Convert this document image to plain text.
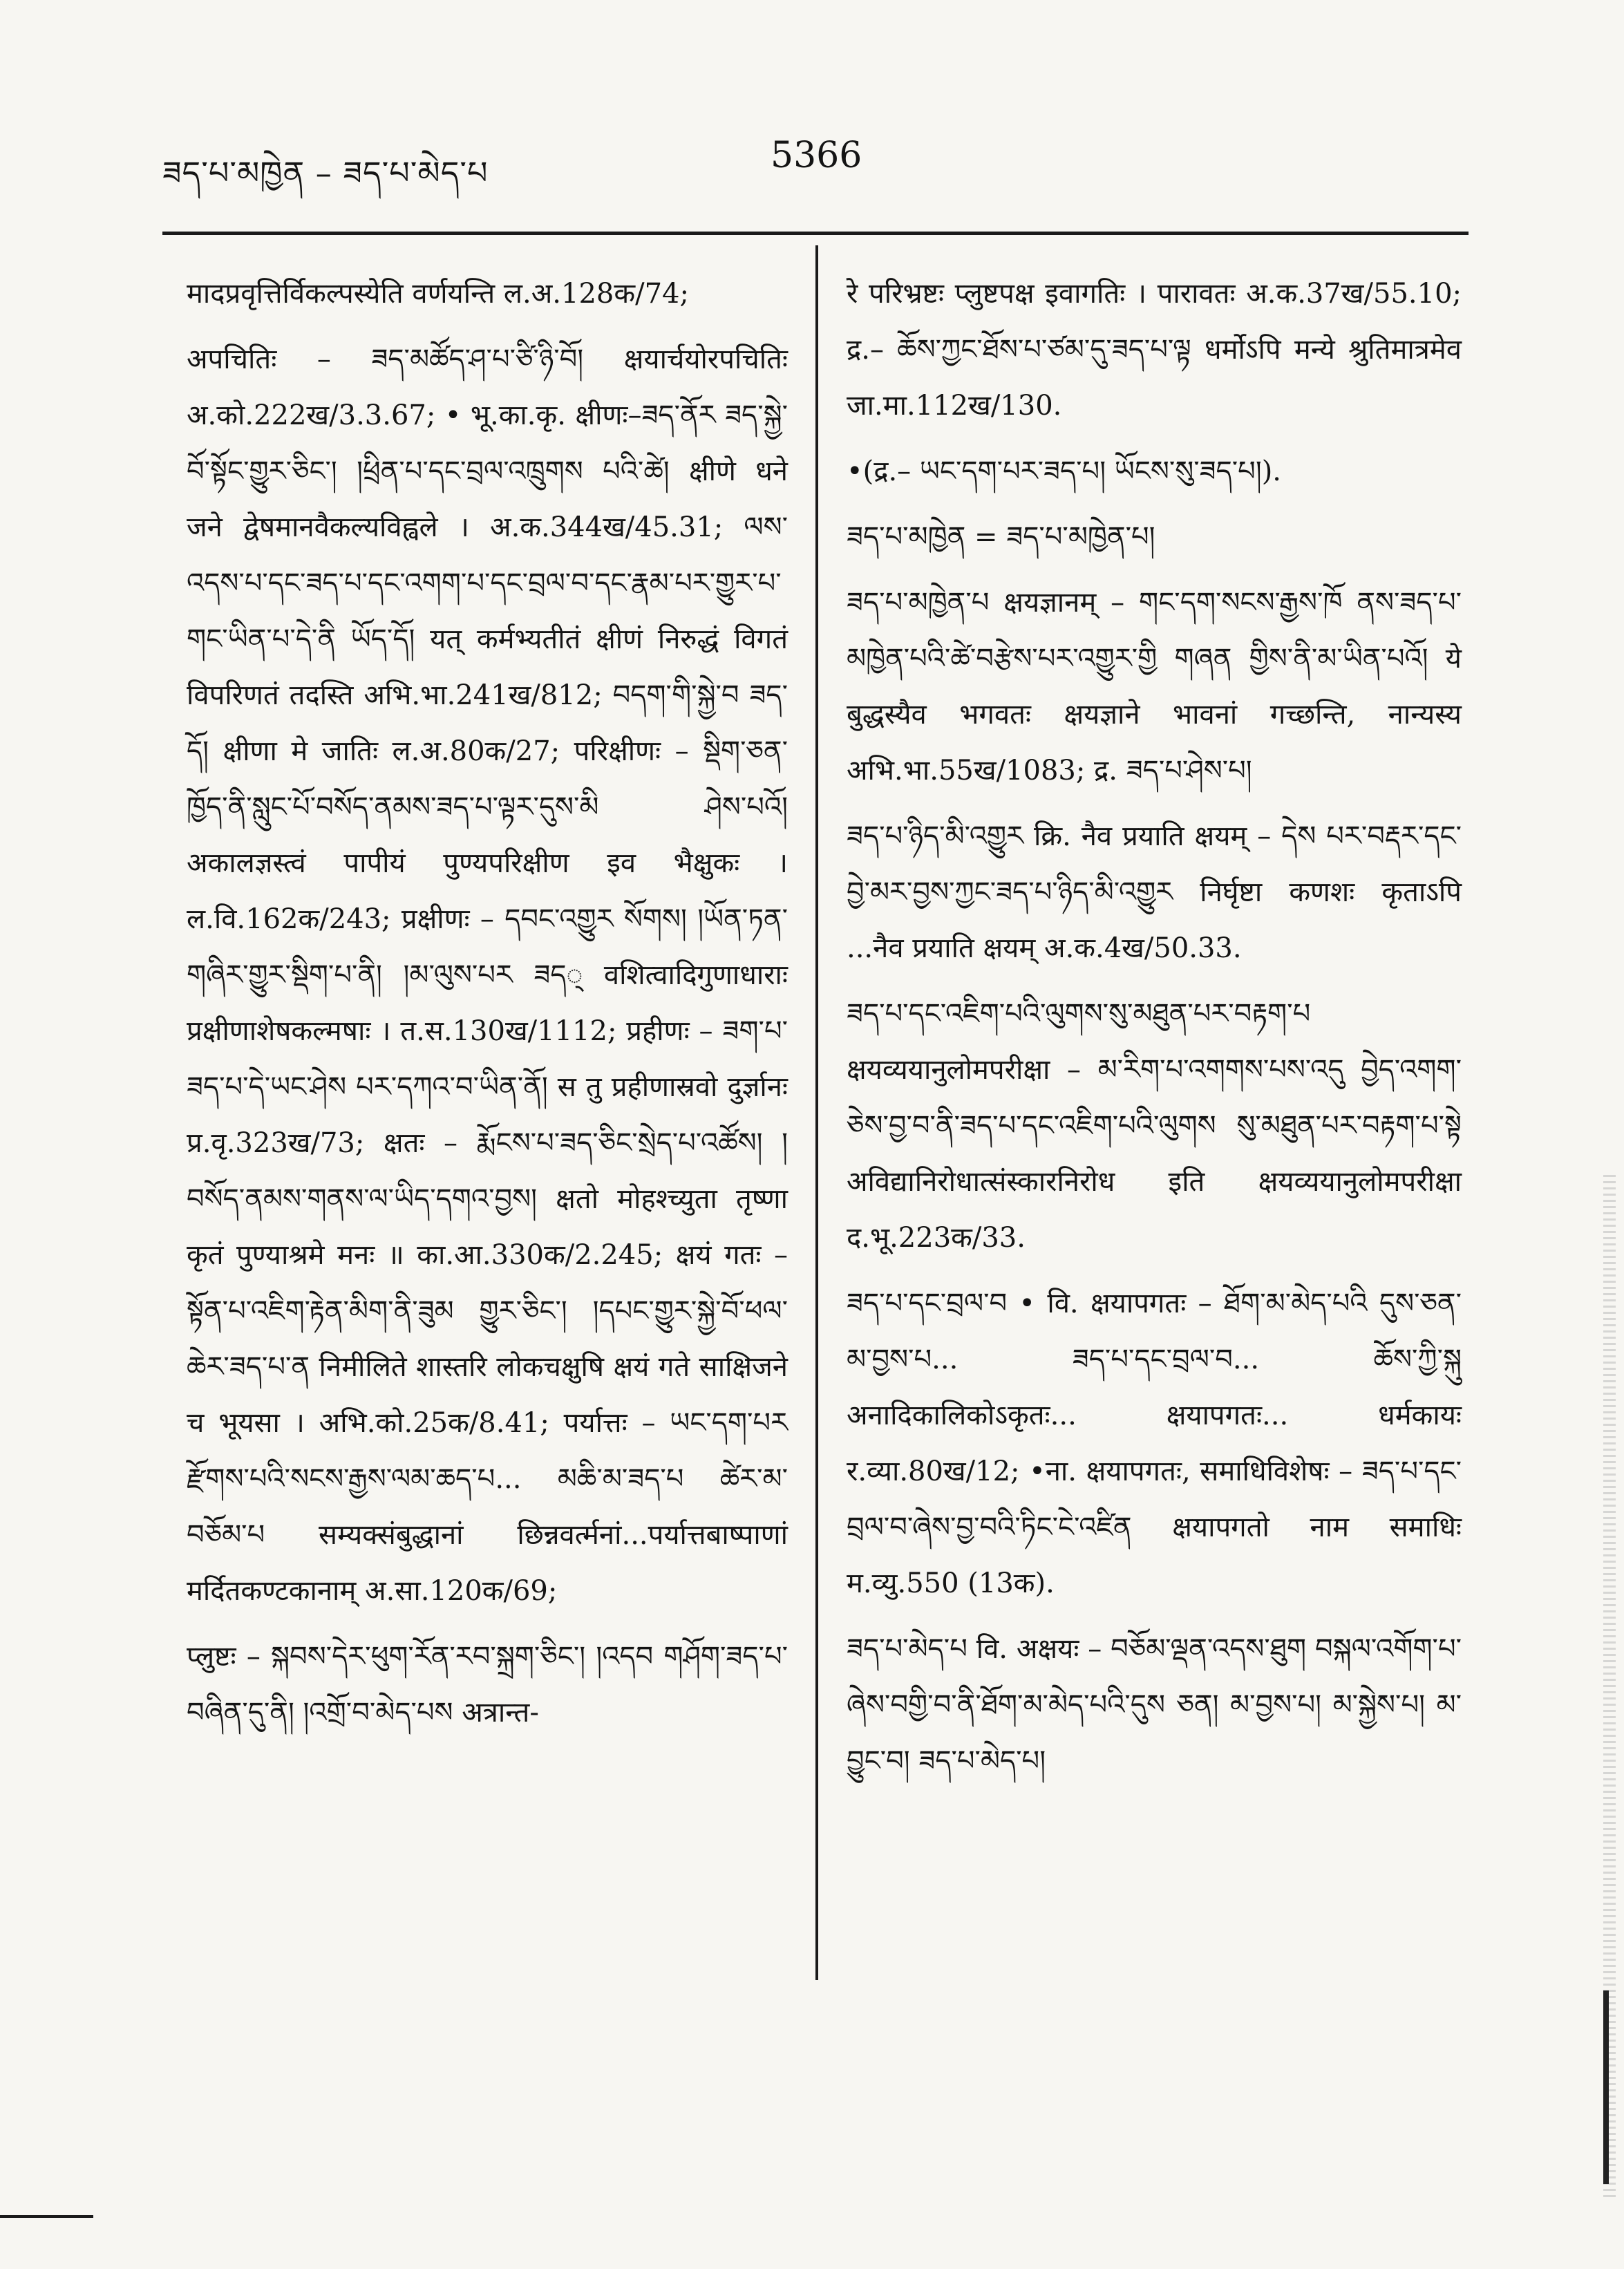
ཟད་པ་མཁྱེན – ཟད་པ་མེད་པ	5366

मादप्रवृत्तिर्विकल्पस्येति वर्णयन्ति ल.अ.128क/74;

अपचितिः – ཟད་མཚོད་ཤ་པ་ཙི་ཉི་བོ། क्षयार्चयोरपचितिः अ.को.222ख/3.3.67; • भू.का.कृ. क्षीणः–ཟད་ནོར ཟད་སྐྱེ་བོ་སྟོང་གྱུར་ཅིང་། །ཕྲིན་པ་དང་བྲལ་འཁྲུགས པའི་ཚེ། क्षीणे धने जने द्वेषमानवैकल्यविह्वले । अ.क.344ख/45.31; ལས་འདས་པ་དང་ཟད་པ་དང་འགག་པ་དང་བྲལ་བ་དང་རྣམ་པར་གྱུར་པ་གང་ཡིན་པ་དེ་ནི ཡོད་དོ། यत् कर्मभ्यतीतं क्षीणं निरुद्धं विगतं विपरिणतं तदस्ति अभि.भा.241ख/812; བདག་གི་སྐྱེ་བ ཟད་དོ། क्षीणा मे जातिः ल.अ.80क/27; परिक्षीणः – སྡིག་ཅན་ཁྱོད་ནི་སླུང་པོ་བསོད་ནམས་ཟད་པ་ལྟར་དུས་མི ཤེས་པའོ། अकालज्ञस्त्वं पापीयं पुण्यपरिक्षीण इव भैक्षुकः । ल.वि.162क/243; प्रक्षीणः – དབང་འགྱུར སོགས། །ཡོན་ཏན་གཞིར་གྱུར་སྡིག་པ་ནི། །མ་ལུས་པར ཟད् वशित्वादिगुणाधाराः प्रक्षीणाशेषकल्मषाः । त.स.130ख/1112; प्रहीणः – ཟག་པ་ཟད་པ་དེ་ཡང་ཤེས པར་དཀའ་བ་ཡིན་ནོ། स तु प्रहीणास्रवो दुर्ज्ञानः प्र.वृ.323ख/73; क्षतः – རྨོངས་པ་ཟད་ཅིང་སྲེད་པ་འཚོས། །བསོད་ནམས་གནས་ལ་ཡིད་དགའ་བྱས། क्षतो मोहश्च्युता तृष्णा कृतं पुण्याश्रमे मनः ॥ का.आ.330क/2.245; क्षयं गतः – སྟོན་པ་འཇིག་རྟེན་མིག་ནི་ཟུམ གྱུར་ཅིང་། །དཔང་གྱུར་སྐྱེ་བོ་ཕལ་ཆེར་ཟད་པ་ན निमीलिते शास्तरि लोकचक्षुषि क्षयं गते साक्षिजने च भूयसा । अभि.को.25क/8.41; पर्यात्तः – ཡང་དག་པར རྫོགས་པའི་སངས་རྒྱས་ལམ་ཆད་པ... མཆི་མ་ཟད་པ ཚེར་མ་བཅོམ་པ सम्यक्संबुद्धानां छिन्नवर्त्मनां...पर्यात्तबाष्पाणां मर्दितकण्टकानाम् अ.सा.120क/69;

प्लुष्टः – སྐབས་དེར་ཕུག་རོན་རབ་སྐྲག་ཅིང་། །འདབ གཤོག་ཟད་པ་བཞིན་དུ་ནི། །འགྲོ་བ་མེད་པས अत्रान्त-

रे परिभ्रष्टः प्लुष्टपक्ष इवागतिः । पारावतः अ.क.37ख/55.10; द्र.– ཆོས་ཀྱང་ཐོས་པ་ཙམ་དུ་ཟད་པ་ལྟ धर्मोऽपि मन्ये श्रुतिमात्रमेव जा.मा.112ख/130.

•(द्र.– ཡང་དག་པར་ཟད་པ། ཡོངས་སུ་ཟད་པ།).

ཟད་པ་མཁྱེན = ཟད་པ་མཁྱེན་པ།

ཟད་པ་མཁྱེན་པ क्षयज्ञानम् – གང་དག་སངས་རྒྱས་ཁོ ནས་ཟད་པ་མཁྱེན་པའི་ཚེ་བརྩེས་པར་འགྱུར་གྱི གཞན གྱིས་ནི་མ་ཡིན་པའོ། ये बुद्धस्यैव भगवतः क्षयज्ञाने भावनां गच्छन्ति, नान्यस्य अभि.भा.55ख/1083; द्र. ཟད་པ་ཤེས་པ།

ཟད་པ་ཉིད་མི་འགྱུར क्रि. नैव प्रयाति क्षयम् – དེས པར་བརྡར་དང་བྱེ་མར་བྱས་ཀྱང་ཟད་པ་ཉིད་མི་འགྱུར निर्घृष्टा कणशः कृताऽपि ...नैव प्रयाति क्षयम् अ.क.4ख/50.33.

ཟད་པ་དང་འཇིག་པའི་ལུགས་སུ་མཐུན་པར་བརྟག་པ क्षयव्ययानुलोमपरीक्षा – མ་རིག་པ་འགགས་པས་འདུ བྱེད་འགག་ཅེས་བྱ་བ་ནི་ཟད་པ་དང་འཇིག་པའི་ལུགས སུ་མཐུན་པར་བརྟག་པ་སྟེ अविद्यानिरोधात्संस्कारनिरोध इति क्षयव्ययानुलोमपरीक्षा द.भू.223क/33.

ཟད་པ་དང་བྲལ་བ • वि. क्षयापगतः – ཐོག་མ་མེད་པའི དུས་ཅན་མ་བྱས་པ... ཟད་པ་དང་བྲལ་བ... ཆོས་ཀྱི་སྐུ अनादिकालिकोऽकृतः... क्षयापगतः... धर्मकायः र.व्या.80ख/12; •ना. क्षयापगतः, समाधिविशेषः – ཟད་པ་དང་བྲལ་བ་ཞེས་བྱ་བའི་ཏིང་ངེ་འཛིན क्षयापगतो नाम समाधिः म.व्यु.550 (13क).

ཟད་པ་མེད་པ वि. अक्षयः – བཅོམ་ལྡན་འདས་ཐུག བསྐལ་འགོག་པ་ཞེས་བགྱི་བ་ནི་ཐོག་མ་མེད་པའི་དུས ཅན། མ་བྱས་པ། མ་སྐྱེས་པ། མ་བྱུང་བ། ཟད་པ་མེད་པ།
